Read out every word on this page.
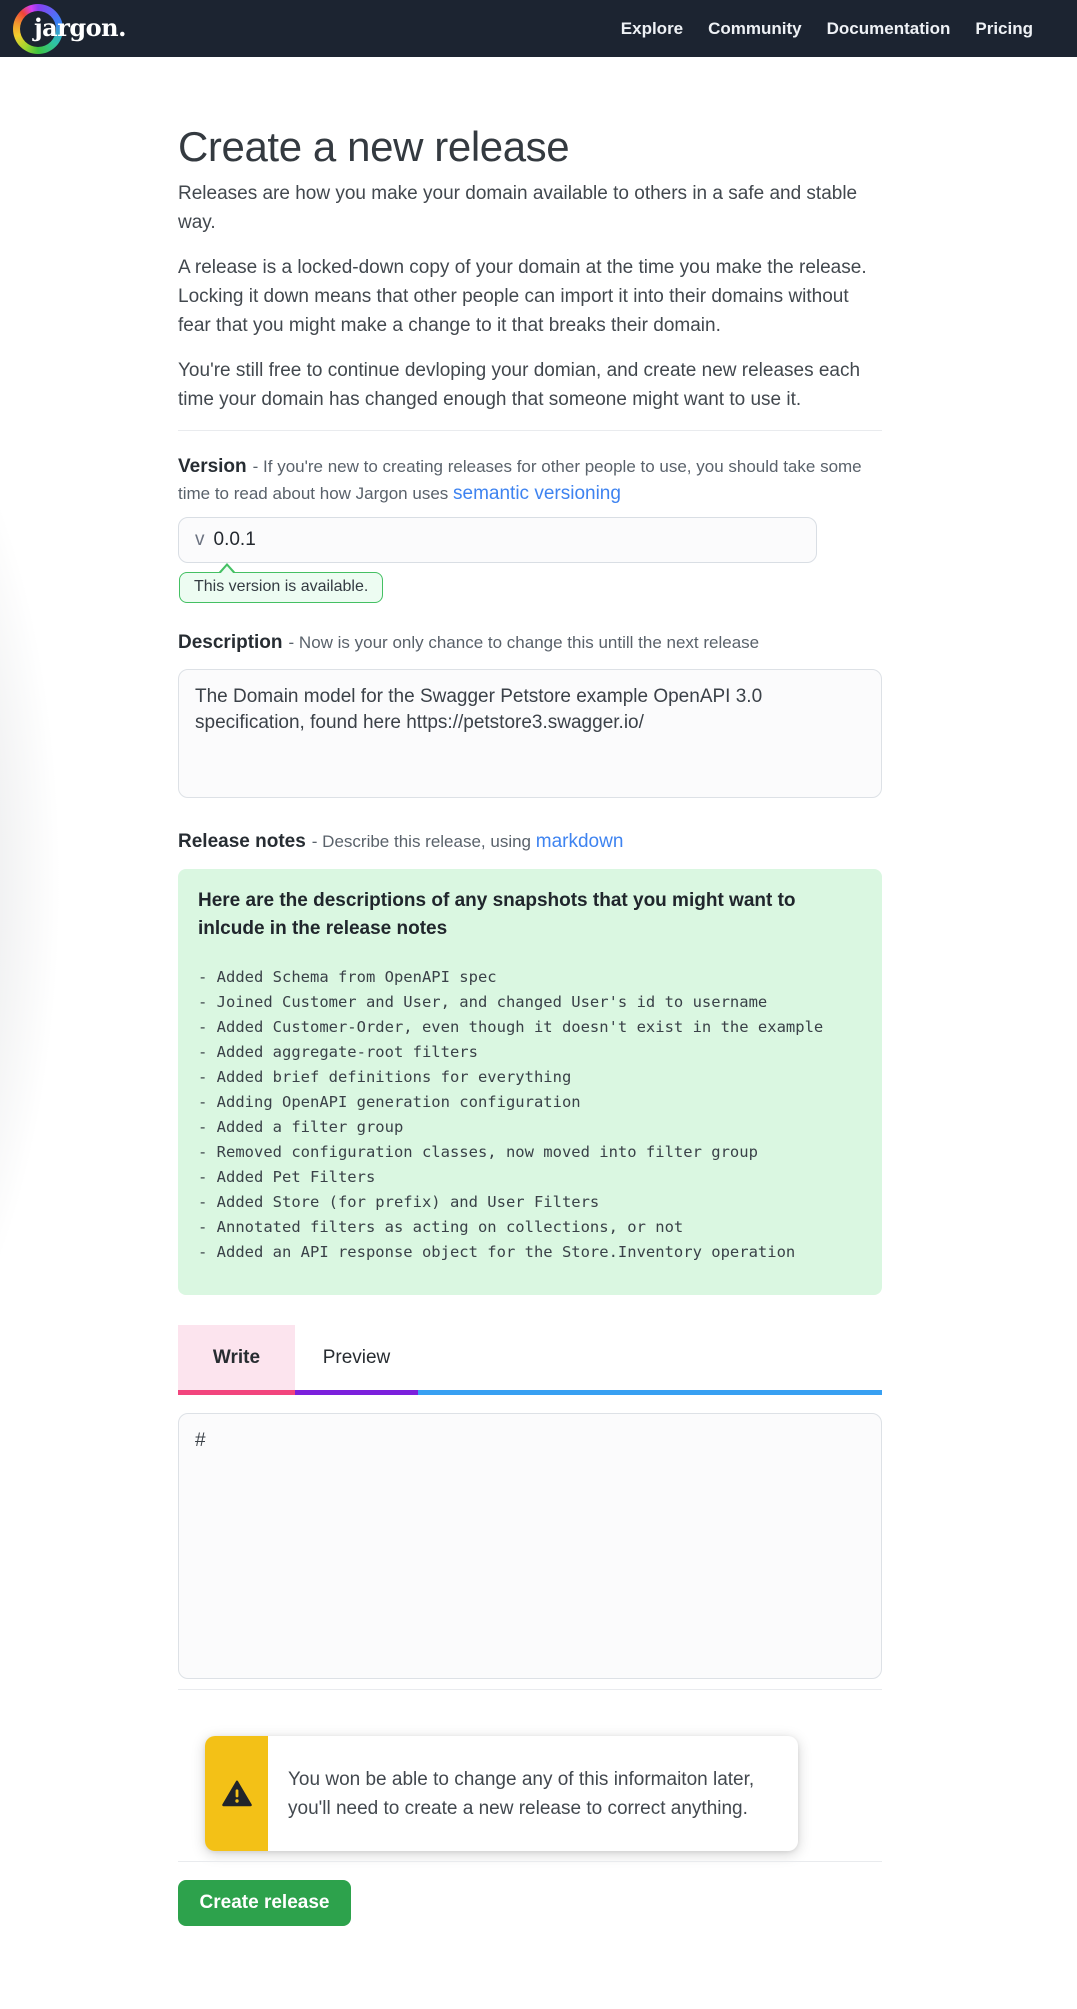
jargon.	Explore Community Documentation Pricing
Create a new release

Releases are how you make your domain available to others in a safe and stable way.

A release is a locked-down copy of your domain at the time you make the release. Locking it down means that other people can import it into their domains without fear that you might make a change to it that breaks their domain.

You're still free to continue devloping your domian, and create new releases each time your domain has changed enough that someone might want to use it.

Version - If you're new to creating releases for other people to use, you should take some time to read about how Jargon uses semantic versioning
v 0.0.1
This version is available.
Description - Now is your only chance to change this untill the next release
The Domain model for the Swagger Petstore example OpenAPI 3.0 specification, found here https://petstore3.swagger.io/
Release notes - Describe this release, using markdown

Here are the descriptions of any snapshots that you might want to inlcude in the release notes

- Added Schema from OpenAPI spec
- Joined Customer and User, and changed User's id to username
- Added Customer-Order, even though it doesn't exist in the example
- Added aggregate-root filters
- Added brief definitions for everything
- Adding OpenAPI generation configuration
- Added a filter group
- Removed configuration classes, now moved into filter group
- Added Pet Filters
- Added Store (for prefix) and User Filters
- Annotated filters as acting on collections, or not
- Added an API response object for the Store.Inventory operation
Write	Preview
#
You won be able to change any of this informaiton later, you'll need to create a new release to correct anything.
Create release
